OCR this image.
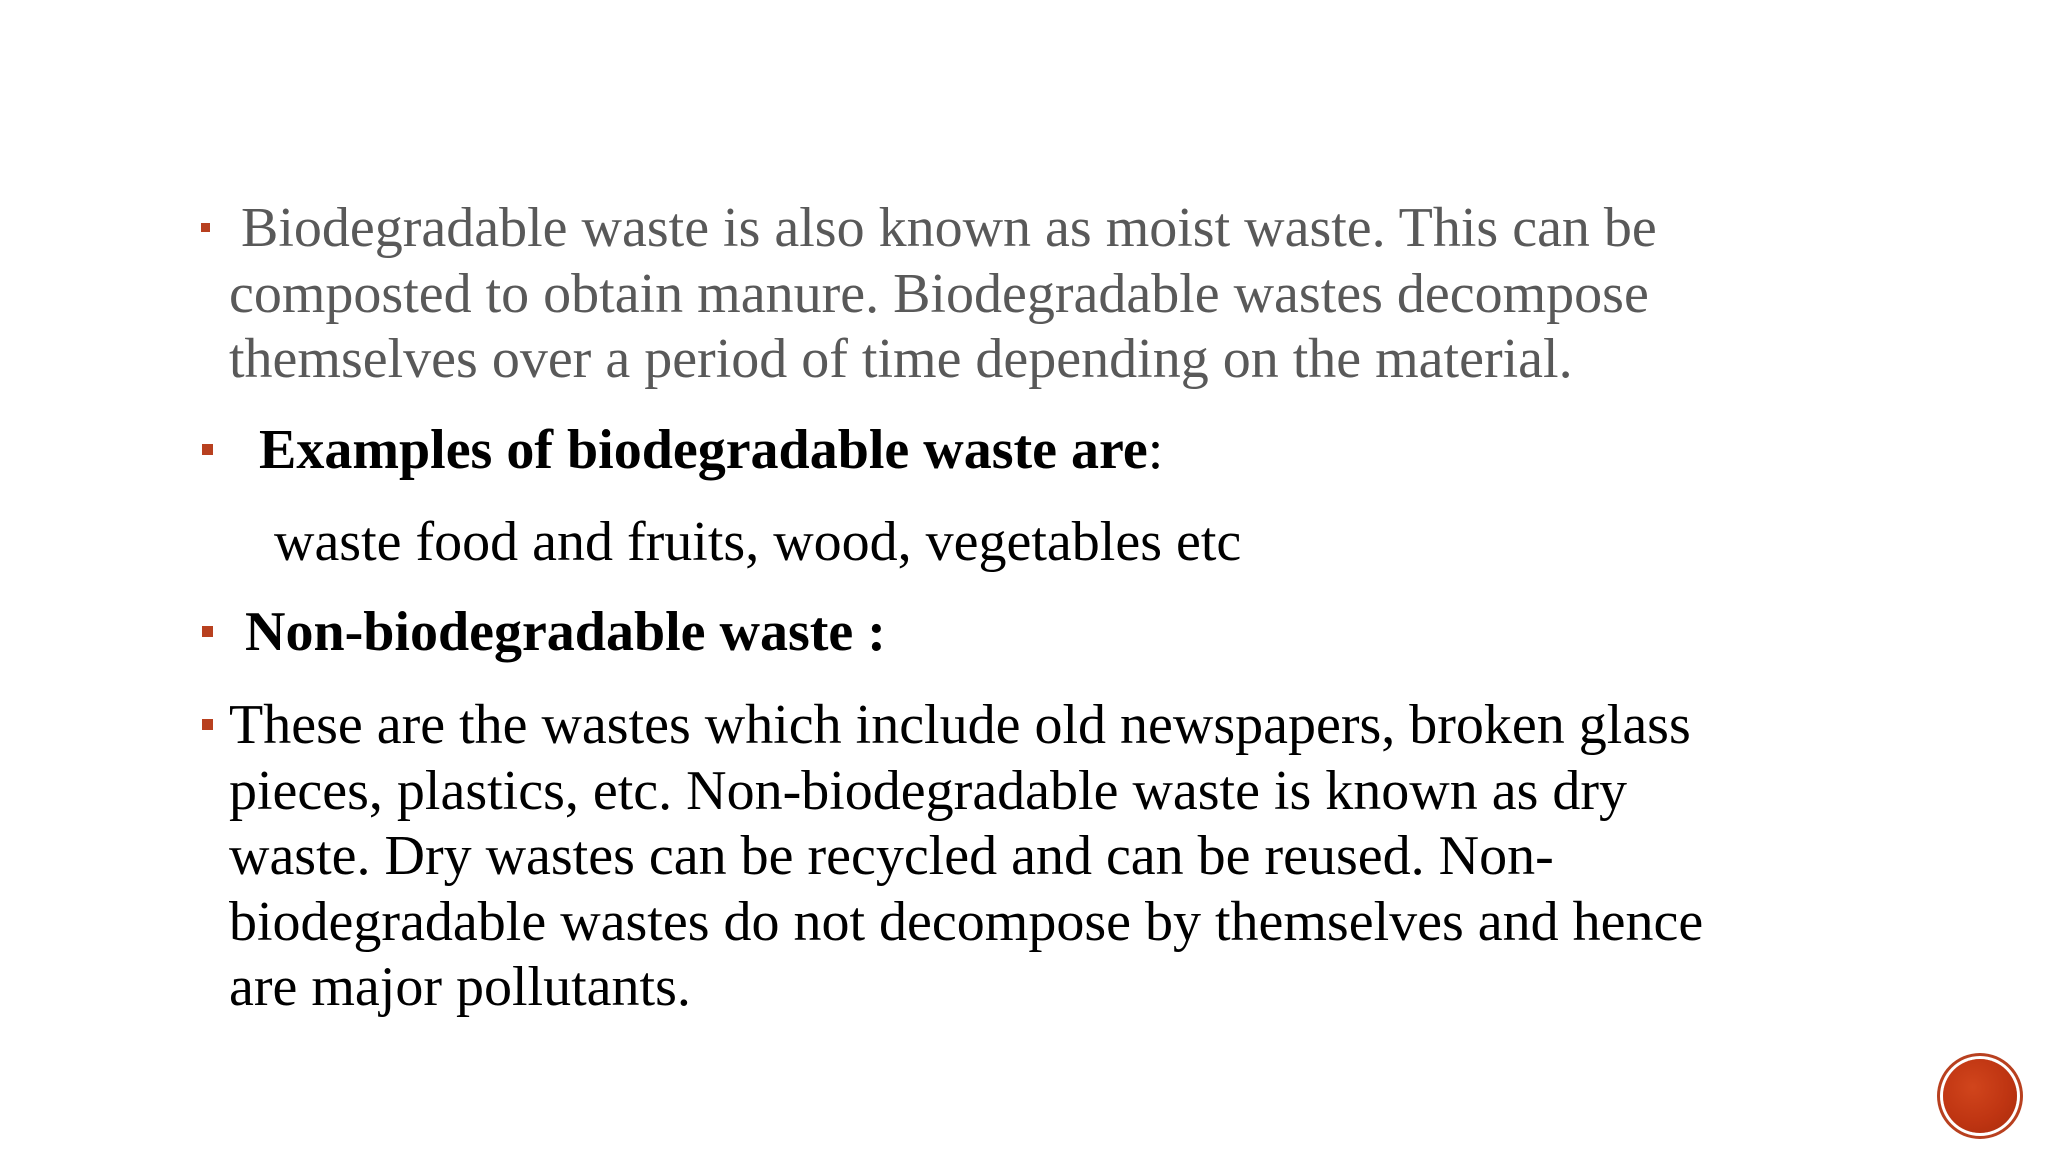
Biodegradable waste is also known as moist waste. This can be
composted to obtain manure. Biodegradable wastes decompose
themselves over a period of time depending on the material.

Examples of biodegradable waste are:

waste food and fruits, wood, vegetables etc

Non-biodegradable waste :

These are the wastes which include old newspapers, broken glass
pieces, plastics, etc. Non-biodegradable waste is known as dry
waste. Dry wastes can be recycled and can be reused. Non-
biodegradable wastes do not decompose by themselves and hence
are major pollutants.
